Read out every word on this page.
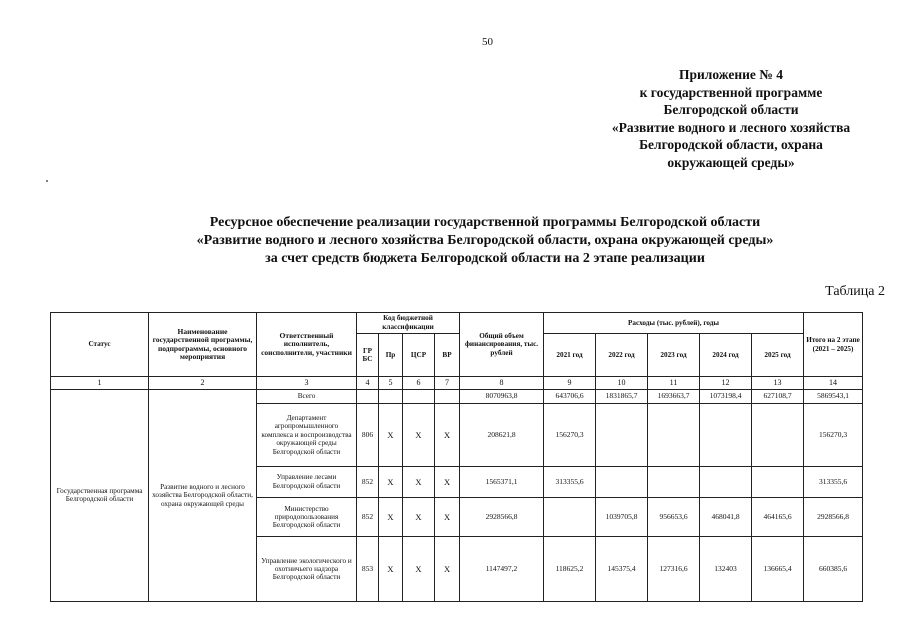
50
Приложение № 4
к государственной программе
Белгородской области
«Развитие водного и лесного хозяйства
Белгородской области, охрана
окружающей среды»
Ресурсное обеспечение реализации государственной программы Белгородской области
«Развитие водного и лесного хозяйства Белгородской области, охрана окружающей среды»
за счет средств бюджета Белгородской области на 2 этапе реализации
Таблица 2
Статус	Наименование государственной программы, подпрограммы, основного мероприятия	Ответственный исполнитель, соисполнители, участники	Код бюджетной классификации				Общий объем финансирования, тыс. рублей	Расходы (тыс. рублей), годы					Итого на 2 этапе (2021 – 2025)
			ГР БС	Пр	ЦСР	ВР		2021 год	2022 год	2023 год	2024 год	2025 год	
1	2	3	4	5	6	7	8	9	10	11	12	13	14
Государственная программа Белгородской области	Развитие водного и лесного хозяйства Белгородской области, охрана окружающей среды	Всего					8070963,8	643706,6	1831865,7	1693663,7	1073198,4	627108,7	5869543,1
		Департамент агропромышленного комплекса и воспроизводства окружающей среды Белгородской области	806	X	X	X	208621,8	156270,3					156270,3
		Управление лесами Белгородской области	852	X	X	X	1565371,1	313355,6					313355,6
		Министерство природопользования Белгородской области	852	X	X	X	2928566,8		1039705,8	956653,6	468041,8	464165,6	2928566,8
		Управление экологического и охотничьего надзора Белгородской области	853	X	X	X	1147497,2	118625,2	145375,4	127316,6	132403	136665,4	660385,6
